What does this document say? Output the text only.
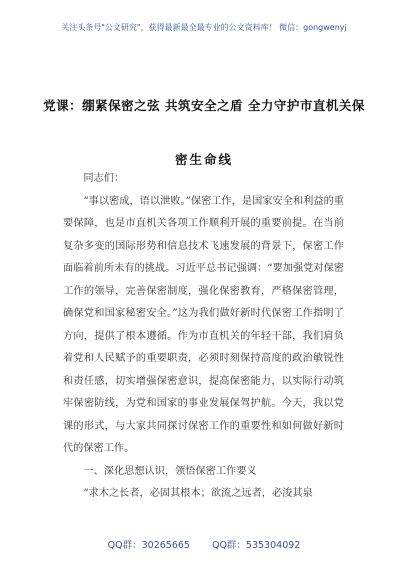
关注头条号"公文研究"，获得最新最全最专业的公文资料库！ 微信：gongwenyj
党课：绷紧保密之弦 共筑安全之盾 全力守护市直机关保
密生命线

同志们：

“事以密成，语以泄败。”保密工作，是国家安全和利益的重要保障，也是市直机关各项工作顺利开展的重要前提。在当前复杂多变的国际形势和信息技术飞速发展的背景下，保密工作面临着前所未有的挑战。习近平总书记强调：“要加强党对保密工作的领导，完善保密制度，强化保密教育，严格保密管理，确保党和国家秘密安全。”这为我们做好新时代保密工作指明了方向，提供了根本遵循。作为市直机关的年轻干部，我们肩负着党和人民赋予的重要职责，必须时刻保持高度的政治敏锐性和责任感，切实增强保密意识，提高保密能力，以实际行动筑牢保密防线，为党和国家的事业发展保驾护航。今天，我以党课的形式，与大家共同探讨保密工作的重要性和如何做好新时代的保密工作。

一、深化思想认识，领悟保密工作要义

“求木之长者，必固其根本；欲流之远者，必浚其泉

QQ群：30265665 QQ群：535304092
